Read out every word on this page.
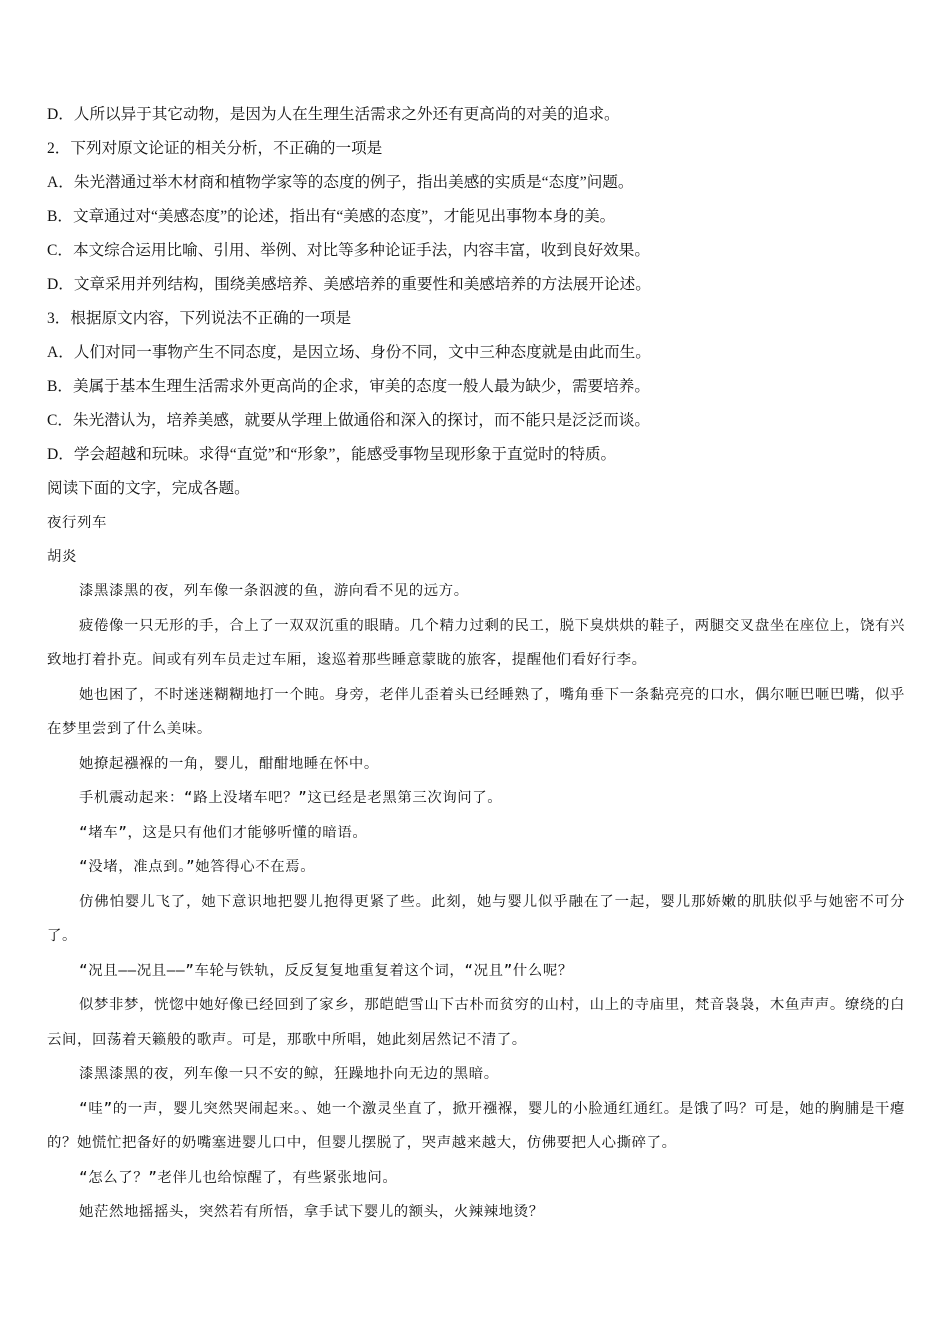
D．人所以异于其它动物，是因为人在生理生活需求之外还有更高尚的对美的追求。
2．下列对原文论证的相关分析，不正确的一项是
A．朱光潜通过举木材商和植物学家等的态度的例子，指出美感的实质是“态度”问题。
B．文章通过对“美感态度”的论述，指出有“美感的态度”，才能见出事物本身的美。
C．本文综合运用比喻、引用、举例、对比等多种论证手法，内容丰富，收到良好效果。
D．文章采用并列结构，围绕美感培养、美感培养的重要性和美感培养的方法展开论述。
3．根据原文内容，下列说法不正确的一项是
A．人们对同一事物产生不同态度，是因立场、身份不同，文中三种态度就是由此而生。
B．美属于基本生理生活需求外更高尚的企求，审美的态度一般人最为缺少，需要培养。
C．朱光潜认为，培养美感，就要从学理上做通俗和深入的探讨，而不能只是泛泛而谈。
D．学会超越和玩味。求得“直觉”和“形象”，能感受事物呈现形象于直觉时的特质。
阅读下面的文字，完成各题。
夜行列车
胡炎

漆黑漆黑的夜，列车像一条泅渡的鱼，游向看不见的远方。

疲倦像一只无形的手，合上了一双双沉重的眼睛。几个精力过剩的民工，脱下臭烘烘的鞋子，两腿交叉盘坐在座位上，饶有兴致地打着扑克。间或有列车员走过车厢，逡巡着那些睡意蒙眬的旅客，提醒他们看好行李。

她也困了，不时迷迷糊糊地打一个盹。身旁，老伴儿歪着头已经睡熟了，嘴角垂下一条黏亮亮的口水，偶尔咂巴咂巴嘴，似乎在梦里尝到了什么美味。

她撩起襁褓的一角，婴儿，酣酣地睡在怀中。

手机震动起来：“路上没堵车吧？”这已经是老黑第三次询问了。

“堵车”，这是只有他们才能够听懂的暗语。

“没堵，准点到。”她答得心不在焉。

仿佛怕婴儿飞了，她下意识地把婴儿抱得更紧了些。此刻，她与婴儿似乎融在了一起，婴儿那娇嫩的肌肤似乎与她密不可分了。

“况且——况且——”车轮与铁轨，反反复复地重复着这个词，“况且”什么呢？

似梦非梦，恍惚中她好像已经回到了家乡，那皑皑雪山下古朴而贫穷的山村，山上的寺庙里，梵音袅袅，木鱼声声。缭绕的白云间，回荡着天籁般的歌声。可是，那歌中所唱，她此刻居然记不清了。

漆黑漆黑的夜，列车像一只不安的鲸，狂躁地扑向无边的黑暗。

“哇”的一声，婴儿突然哭闹起来。、她一个激灵坐直了，掀开襁褓，婴儿的小脸通红通红。是饿了吗？可是，她的胸脯是干瘪的？她慌忙把备好的奶嘴塞进婴儿口中，但婴儿摆脱了，哭声越来越大，仿佛要把人心撕碎了。

“怎么了？”老伴儿也给惊醒了，有些紧张地问。

她茫然地摇摇头，突然若有所悟，拿手试下婴儿的额头，火辣辣地烫？
